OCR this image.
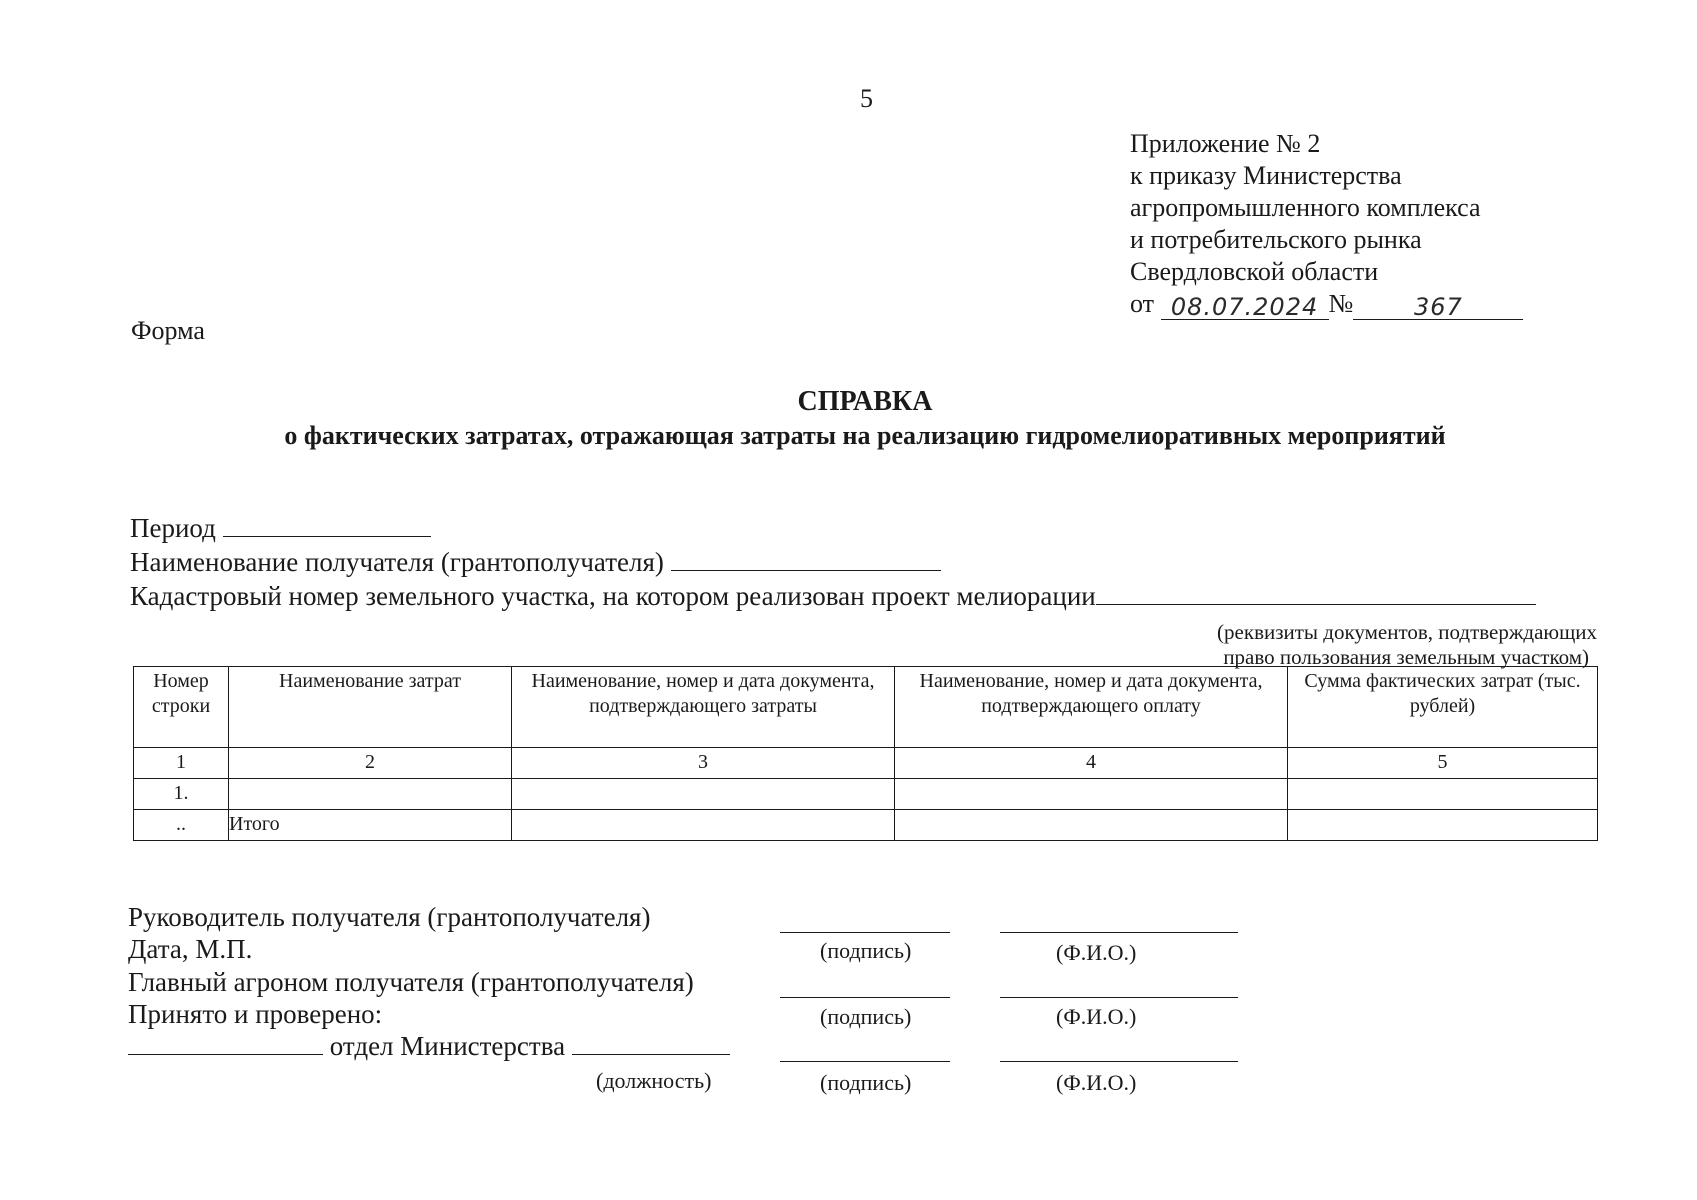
5
Приложение № 2
к приказу Министерства
агропромышленного комплекса
и потребительского рынка
Свердловской области
от 08.07.2024 №	367
Форма
СПРАВКА
о фактических затратах, отражающая затраты на реализацию гидромелиоративных мероприятий
Период
Наименование получателя (грантополучателя)
Кадастровый номер земельного участка, на котором реализован проект мелиорации
(реквизиты документов, подтверждающих
право пользования земельным участком)
Номер строки	Наименование затрат	Наименование, номер и дата документа, подтверждающего затраты	Наименование, номер и дата документа, подтверждающего оплату	Сумма фактических затрат (тыс. рублей)
1	2	3	4	5
1.				
..	Итого			
Руководитель получателя (грантополучателя)
Дата, М.П.	(подпись)	(Ф.И.О.)
Главный агроном получателя (грантополучателя)
Принято и проверено:	(подпись)	(Ф.И.О.)
отдел Министерства
(должность)	(подпись)	(Ф.И.О.)
